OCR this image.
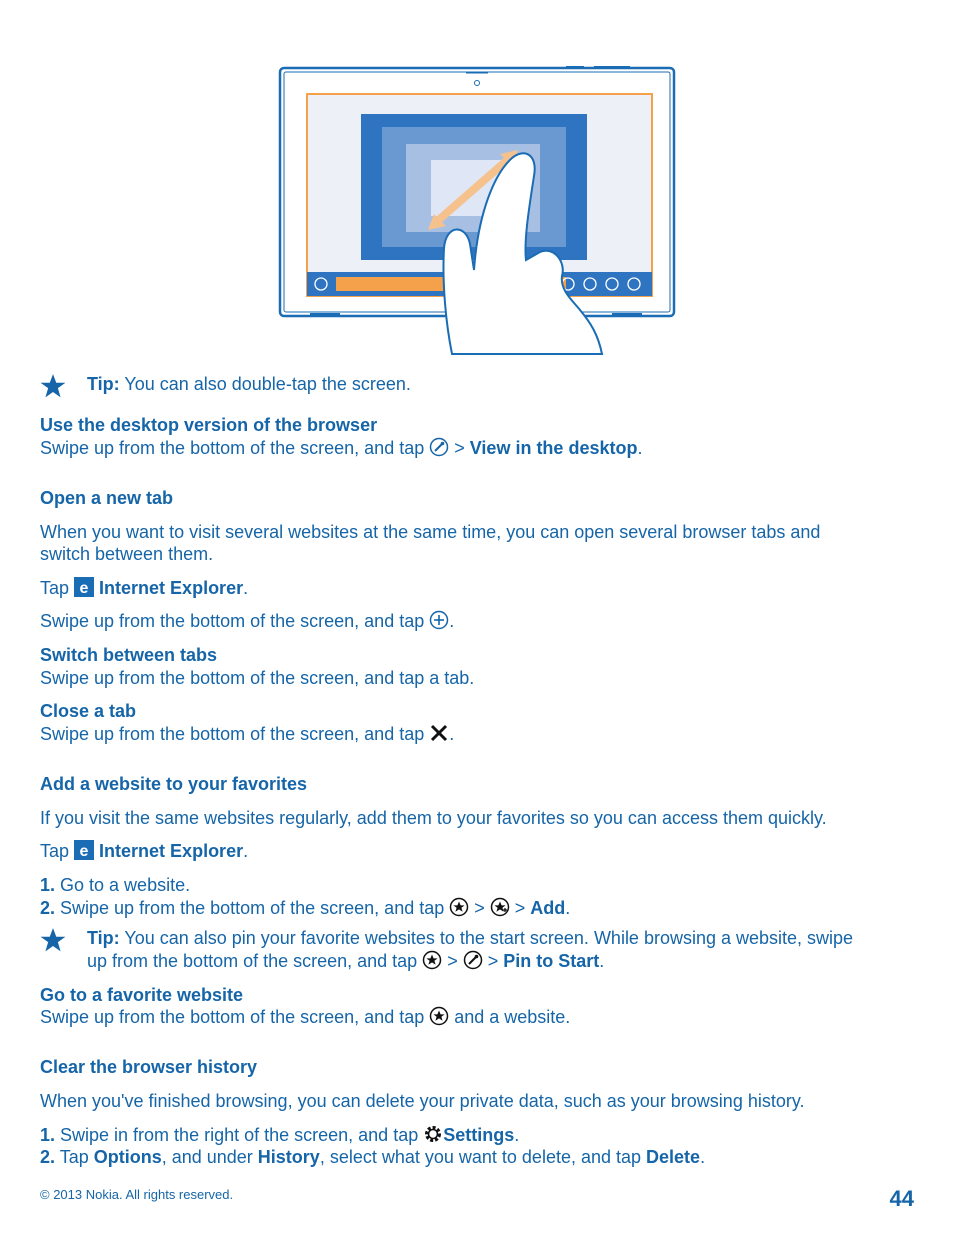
Tip: You can also double-tap the screen.
Use the desktop version of the browser
Swipe up from the bottom of the screen, and tap  > View in the desktop.
Open a new tab
When you want to visit several websites at the same time, you can open several browser tabs and
switch between them.
Tap e Internet Explorer.
Swipe up from the bottom of the screen, and tap .
Switch between tabs
Swipe up from the bottom of the screen, and tap a tab.
Close a tab
Swipe up from the bottom of the screen, and tap .
Add a website to your favorites
If you visit the same websites regularly, add them to your favorites so you can access them quickly.
Tap e Internet Explorer.
1. Go to a website.
2. Swipe up from the bottom of the screen, and tap  >  > Add.
Tip: You can also pin your favorite websites to the start screen. While browsing a website, swipe
up from the bottom of the screen, and tap  >  > Pin to Start.
Go to a favorite website
Swipe up from the bottom of the screen, and tap  and a website.
Clear the browser history
When you've finished browsing, you can delete your private data, such as your browsing history.
1. Swipe in from the right of the screen, and tap Settings.
2. Tap Options, and under History, select what you want to delete, and tap Delete.
© 2013 Nokia. All rights reserved.	44
